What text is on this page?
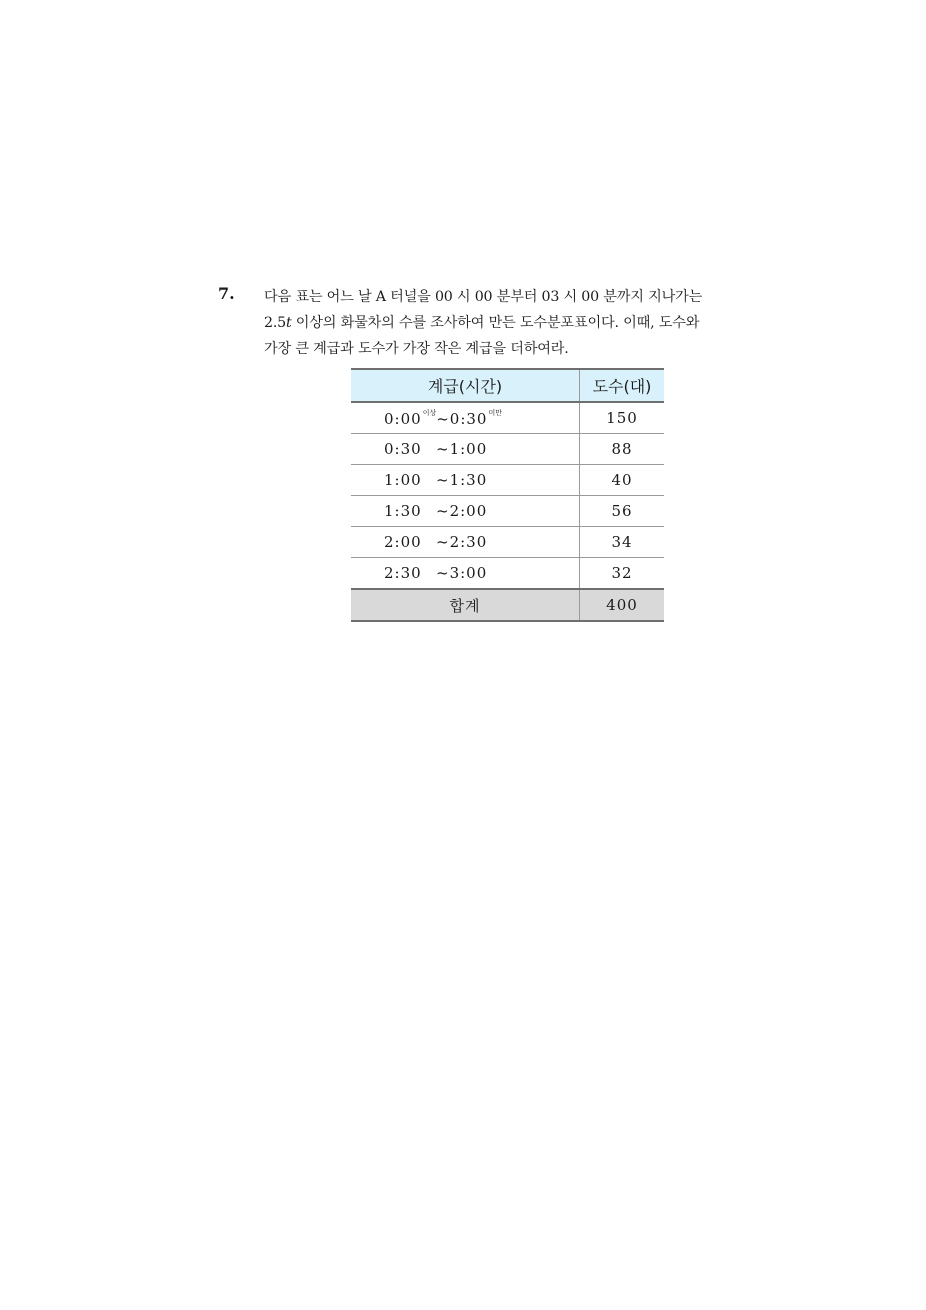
7. 다음 표는 어느 날 A 터널을 00 시 00 분부터 03 시 00 분까지 지나가는
2.5t 이상의 화물차의 수를 조사하여 만든 도수분포표이다. 이때, 도수와
가장 큰 계급과 도수가 가장 작은 계급을 더하여라.
계급(시간)	도수(대)
$0:00^{이상}\sim 0:30^{미만}$	150
0:30 ~1:00	88
1:00 ~1:30	40
1:30 ~2:00	56
2:00 ~2:30	34
2:30 ~3:00	32
합계	400
